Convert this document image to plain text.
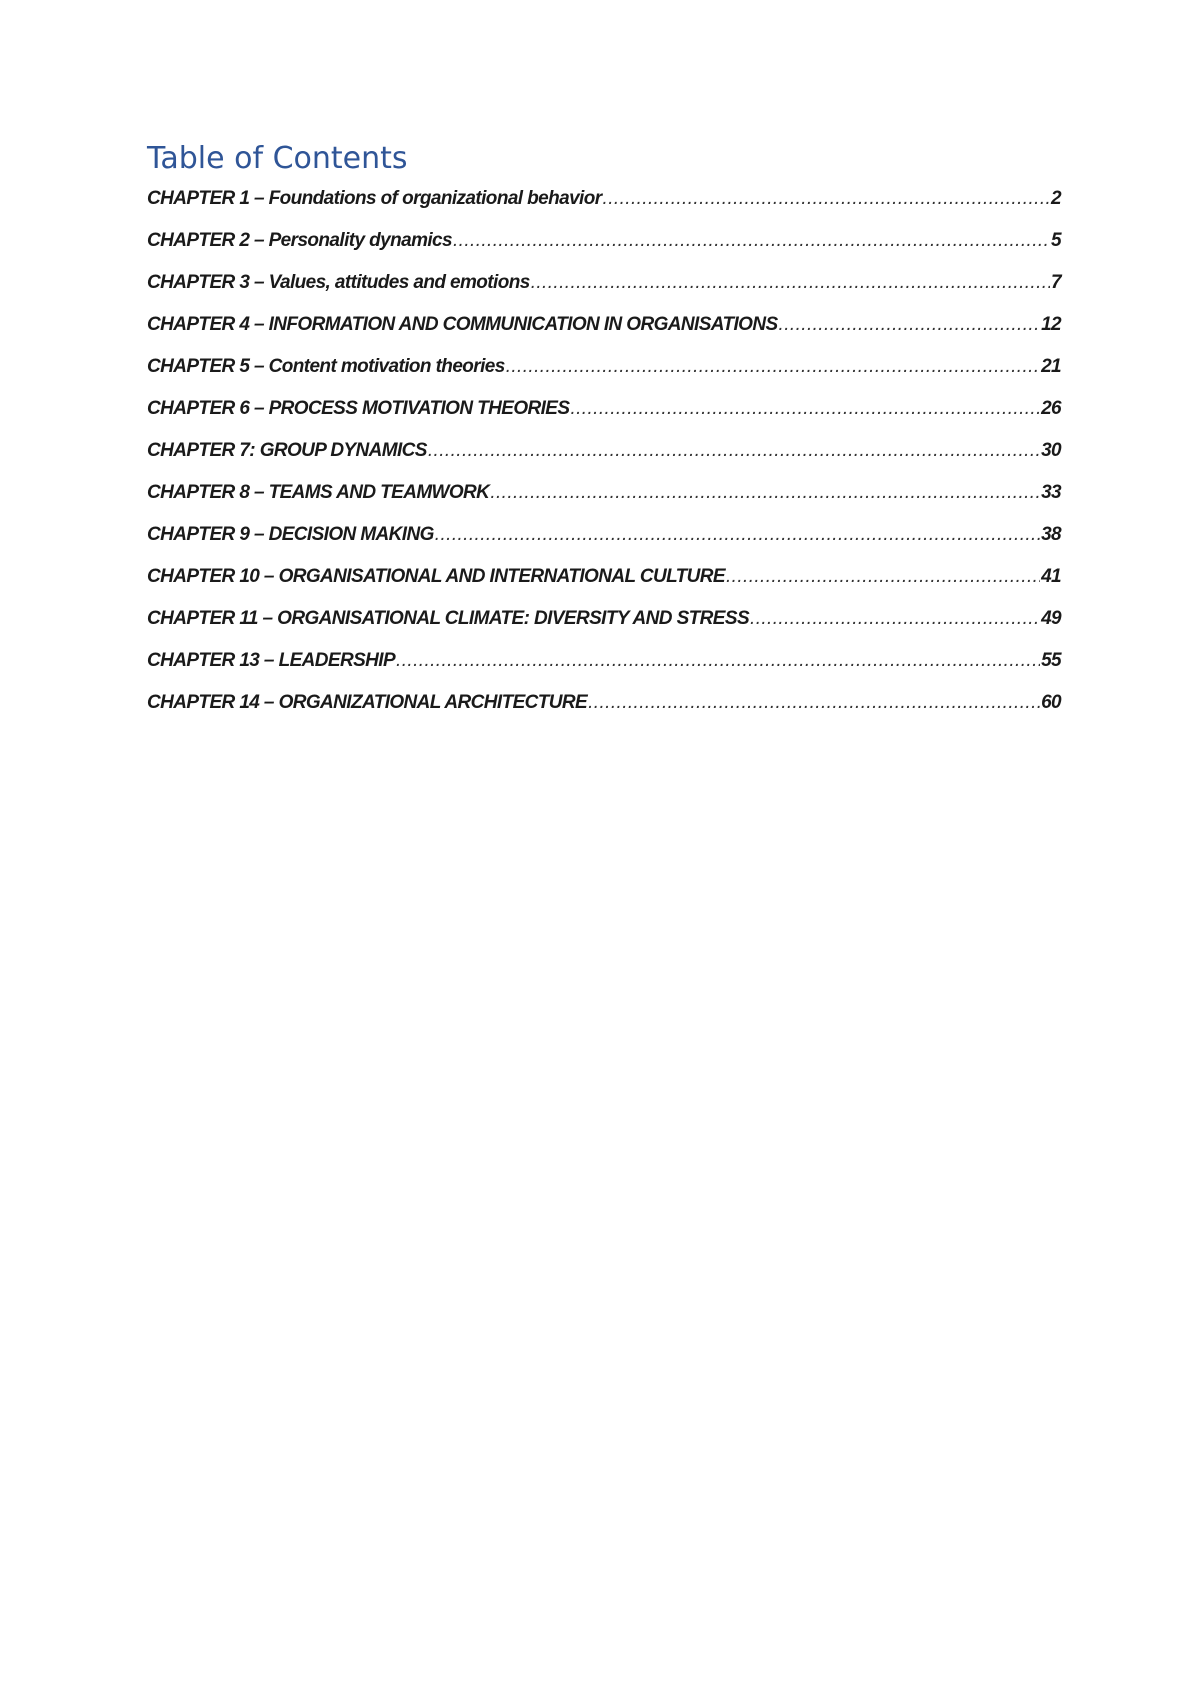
Table of Contents
CHAPTER 1 – Foundations of organizational behavior .....	2
CHAPTER 2 – Personality dynamics .....	5
CHAPTER 3 – Values, attitudes and emotions .....	7
CHAPTER 4 – INFORMATION AND COMMUNICATION IN ORGANISATIONS .....	12
CHAPTER 5 – Content motivation theories .....	21
CHAPTER 6 – PROCESS MOTIVATION THEORIES .....	26
CHAPTER 7: GROUP DYNAMICS .....	30
CHAPTER 8 – TEAMS AND TEAMWORK .....	33
CHAPTER 9 – DECISION MAKING .....	38
CHAPTER 10 – ORGANISATIONAL AND INTERNATIONAL CULTURE .....	41
CHAPTER 11 – ORGANISATIONAL CLIMATE: DIVERSITY AND STRESS .....	49
CHAPTER 13 – LEADERSHIP .....	55
CHAPTER 14 – ORGANIZATIONAL ARCHITECTURE .....	60
